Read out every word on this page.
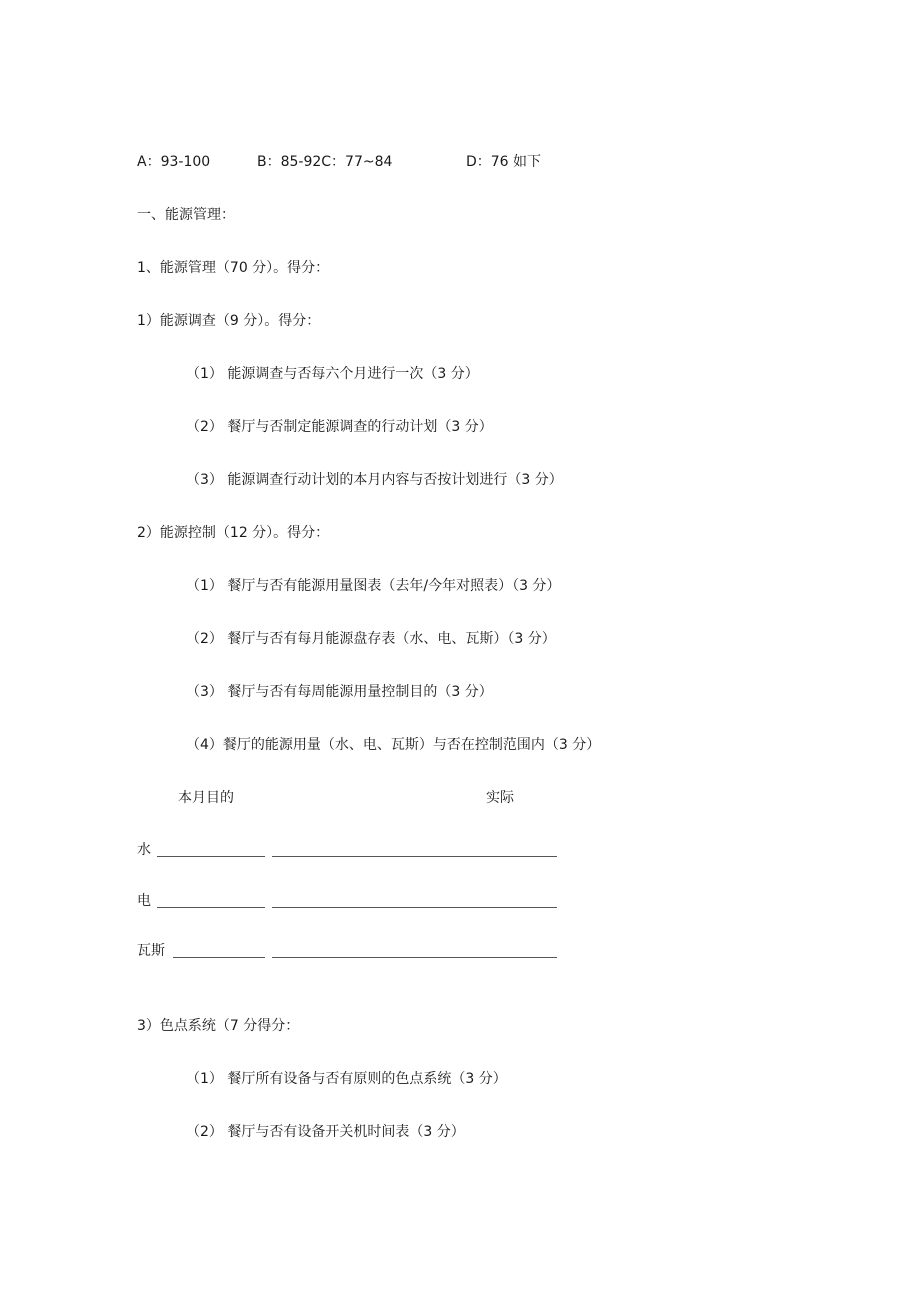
A：93-100	B：85-92C：77~84	D：76 如下
一、能源管理：
1、能源管理（70 分）。得分：
1）能源调查（9 分）。得分：
（1） 能源调查与否每六个月进行一次（3 分）
（2） 餐厅与否制定能源调查的行动计划（3 分）
（3） 能源调查行动计划的本月内容与否按计划进行（3 分）
2）能源控制（12 分）。得分：
（1） 餐厅与否有能源用量图表（去年/今年对照表）（3 分）
（2） 餐厅与否有每月能源盘存表（水、电、瓦斯）（3 分）
（3） 餐厅与否有每周能源用量控制目的（3 分）
（4）餐厅的能源用量（水、电、瓦斯）与否在控制范围内（3 分）
本月目的	实际
水
电
瓦斯
3）色点系统（7 分得分：
（1） 餐厅所有设备与否有原则的色点系统（3 分）
（2） 餐厅与否有设备开关机时间表（3 分）
